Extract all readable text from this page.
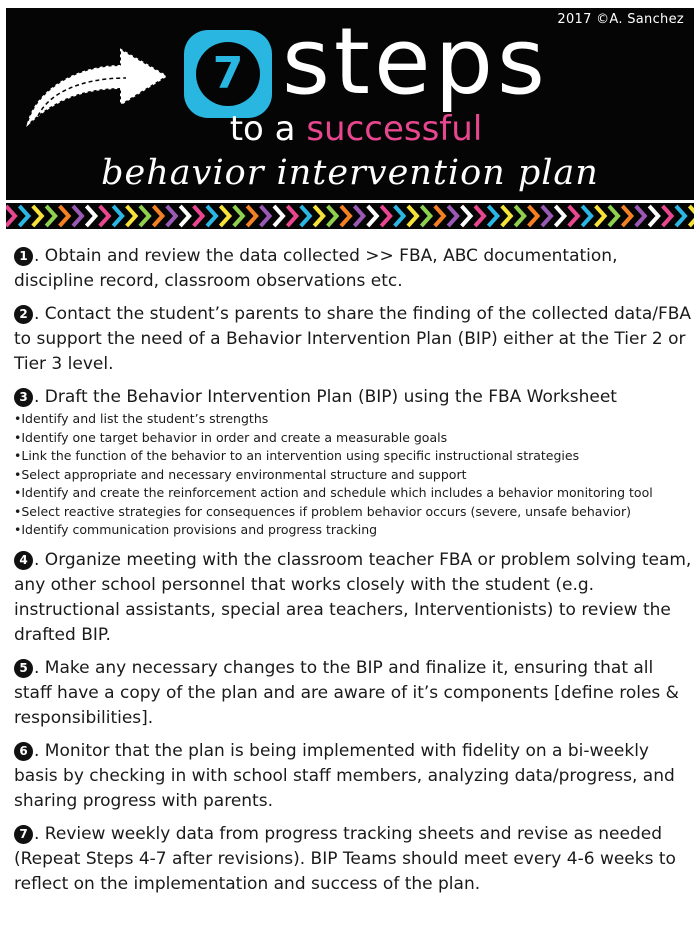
2017 ©A. Sanchez
7 steps
to a successful
behavior intervention plan
1 . Obtain and review the data collected >> FBA, ABC documentation, discipline record, classroom observations etc.
2 . Contact the student’s parents to share the finding of the collected data/FBA to support the need of a Behavior Intervention Plan (BIP) either at the Tier 2 or Tier 3 level.
3 . Draft the Behavior Intervention Plan (BIP) using the FBA Worksheet
• Identify and list the student’s strengths
• Identify one target behavior in order and create a measurable goals
• Link the function of the behavior to an intervention using specific instructional strategies
• Select appropriate and necessary environmental structure and support
• Identify and create the reinforcement action and schedule which includes a behavior monitoring tool
• Select reactive strategies for consequences if problem behavior occurs (severe, unsafe behavior)
• Identify communication provisions and progress tracking
4 . Organize meeting with the classroom teacher FBA or problem solving team, any other school personnel that works closely with the student (e.g. instructional assistants, special area teachers, Interventionists) to review the drafted BIP.
5 . Make any necessary changes to the BIP and finalize it, ensuring that all staff have a copy of the plan and are aware of it’s components [define roles & responsibilities].
6 . Monitor that the plan is being implemented with fidelity on a bi-weekly basis by checking in with school staff members, analyzing data/progress, and sharing progress with parents.
7 . Review weekly data from progress tracking sheets and revise as needed (Repeat Steps 4-7 after revisions). BIP Teams should meet every 4-6 weeks to reflect on the implementation and success of the plan.
